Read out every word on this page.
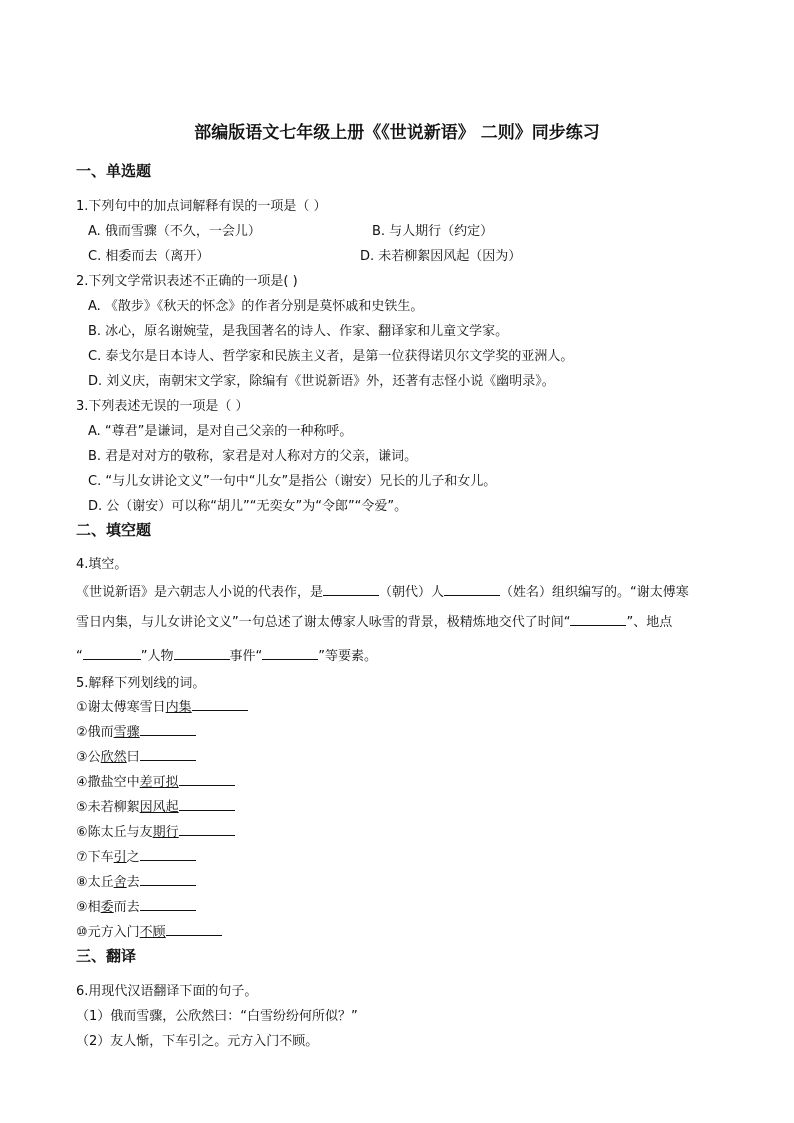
部编版语文七年级上册《《世说新语》 二则》同步练习
一、单选题
1.下列句中的加点词解释有误的一项是（ ）
A. 俄而雪骤（不久，一会儿）	B. 与人期行（约定）
C. 相委而去（离开）	D. 未若柳絮因风起（因为）
2.下列文学常识表述不正确的一项是( )
A. 《散步》《秋天的怀念》的作者分别是莫怀戚和史铁生。
B. 冰心，原名谢婉莹，是我国著名的诗人、作家、翻译家和儿童文学家。
C. 泰戈尔是日本诗人、哲学家和民族主义者，是第一位获得诺贝尔文学奖的亚洲人。
D. 刘义庆，南朝宋文学家，除编有《世说新语》外，还著有志怪小说《幽明录》。
3.下列表述无误的一项是（ ）
A. “尊君”是谦词，是对自己父亲的一种称呼。
B. 君是对对方的敬称，家君是对人称对方的父亲，谦词。
C. “与儿女讲论文义”一句中“儿女”是指公（谢安）兄长的儿子和女儿。
D. 公（谢安）可以称“胡儿”“无奕女”为“令郎”“令爱”。
二、填空题
4.填空。
《世说新语》是六朝志人小说的代表作，是	（朝代）人	（姓名）组织编写的。“谢太傅寒
雪日内集，与儿女讲论文义”一句总述了谢太傅家人咏雪的背景，极精炼地交代了时间“	”、地点
“	”人物	事件“	”等要素。
5.解释下列划线的词。
①谢太傅寒雪日内集
②俄而雪骤
③公欣然曰
④撒盐空中差可拟
⑤未若柳絮因风起
⑥陈太丘与友期行
⑦下车引之
⑧太丘舍去
⑨相委而去
⑩元方入门不顾
三、翻译
6.用现代汉语翻译下面的句子。
（1）俄而雪骤，公欣然曰：“白雪纷纷何所似？”
（2）友人惭，下车引之。元方入门不顾。
